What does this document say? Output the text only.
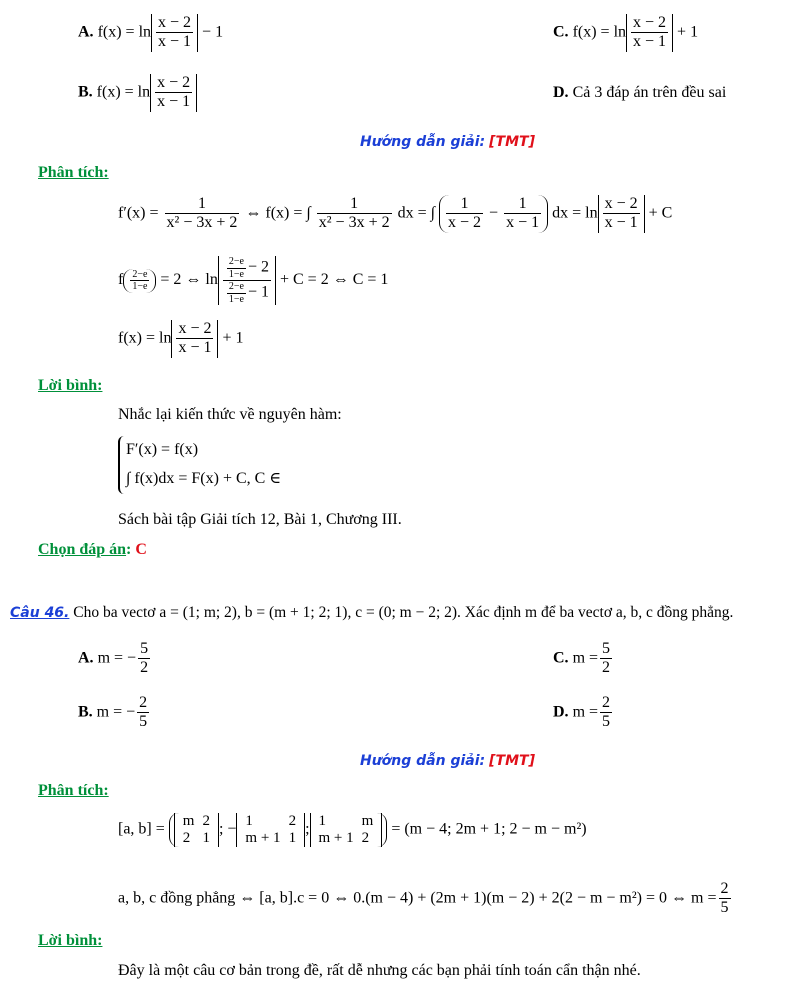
A. $f(x) = \ln \frac{x - 2}{x - 1} - 1$	C. $f(x) = \ln \frac{x - 2}{x - 1} + 1$
B. $f(x) = \ln \frac{x - 2}{x - 1}$	D. Cả 3 đáp án trên đều sai
Hướng dẫn giải: [TMT]
Phân tích:
$f'(x) = \frac{1}{\text{x² − 3x + 2}}$ ⇔ f(x) = ∫ $\frac{1}{\text{x² − 3x + 2}}$ dx = ∫ $\frac{1}{x - 2} - \frac{1}{x - 1}$ dx = $\ln \frac{x - 2}{x - 1} + C$
f $\frac{2-e}{1-e} = 2$ ⇔ $\ln \frac{\frac{2-e}{1-e} - 2}{\frac{2-e}{1-e} - 1} + C = 2$ ⇔ C = 1
$f(x) = \ln \frac{x - 2}{x - 1} + 1$
Lời bình:
Nhắc lại kiến thức về nguyên hàm:
F′(x) = f(x)
∫ f(x)dx = F(x) + C, C ∈
Sách bài tập Giải tích 12, Bài 1, Chương III.
Chọn đáp án: C
Câu 46. Cho ba vectơ a = (1; m; 2), b = (m + 1; 2; 1), c = (0; m − 2; 2). Xác định m để ba vectơ a, b, c đồng phẳng.
A. m = − $\frac{5}{2}$	C. $m = \frac{5}{2}$
B. m = − $\frac{2}{5}$	D. $m = \frac{2}{5}$
Hướng dẫn giải: [TMT]
Phân tích:
[a, b] = m	2
2	1
; − 1	2
m + 1	1
; 1	m
m + 1	2
= (m − 4; 2m + 1; 2 − m − m²)
a, b, c đồng phẳng ⇔ [a, b].c = 0 ⇔ 0.(m − 4) + (2m + 1)(m − 2) + 2(2 − m − m²) = 0 ⇔ $m = \frac{2}{5}$
Lời bình:
Đây là một câu cơ bản trong đề, rất dễ nhưng các bạn phải tính toán cẩn thận nhé.
